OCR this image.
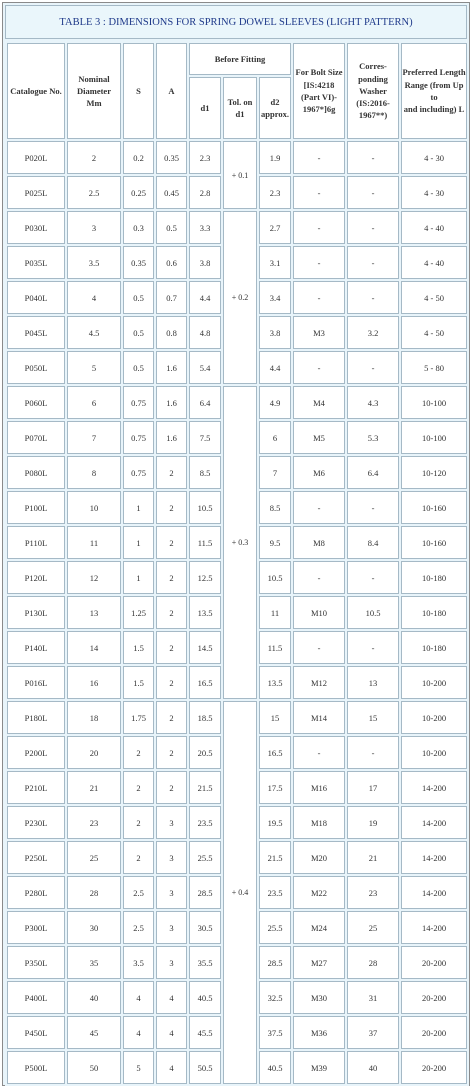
TABLE 3 : DIMENSIONS FOR SPRING DOWEL SLEEVES (LIGHT PATTERN)
Catalogue No.	Nominal
Diameter
Mm	S	A	Before Fitting			For Bolt Size
[IS:4218
(Part VI)-
1967*]6g	Corres-
ponding
Washer
(IS:2016-
1967**)	Preferred Length
Range (from Up to
and including) L
				d1	Tol. on
d1	d2
approx.			
P020L	2	0.2	0.35	2.3	+ 0.1	1.9	-	-	4 - 30
P025L	2.5	0.25	0.45	2.8		2.3	-	-	4 - 30
P030L	3	0.3	0.5	3.3	+ 0.2	2.7	-	-	4 - 40
P035L	3.5	0.35	0.6	3.8		3.1	-	-	4 - 40
P040L	4	0.5	0.7	4.4		3.4	-	-	4 - 50
P045L	4.5	0.5	0.8	4.8		3.8	M3	3.2	4 - 50
P050L	5	0.5	1.6	5.4		4.4	-	-	5 - 80
P060L	6	0.75	1.6	6.4	+ 0.3	4.9	M4	4.3	10-100
P070L	7	0.75	1.6	7.5		6	M5	5.3	10-100
P080L	8	0.75	2	8.5		7	M6	6.4	10-120
P100L	10	1	2	10.5		8.5	-	-	10-160
P110L	11	1	2	11.5		9.5	M8	8.4	10-160
P120L	12	1	2	12.5		10.5	-	-	10-180
P130L	13	1.25	2	13.5		11	M10	10.5	10-180
P140L	14	1.5	2	14.5		11.5	-	-	10-180
P016L	16	1.5	2	16.5		13.5	M12	13	10-200
P180L	18	1.75	2	18.5	+ 0.4	15	M14	15	10-200
P200L	20	2	2	20.5		16.5	-	-	10-200
P210L	21	2	2	21.5		17.5	M16	17	14-200
P230L	23	2	3	23.5		19.5	M18	19	14-200
P250L	25	2	3	25.5		21.5	M20	21	14-200
P280L	28	2.5	3	28.5		23.5	M22	23	14-200
P300L	30	2.5	3	30.5		25.5	M24	25	14-200
P350L	35	3.5	3	35.5		28.5	M27	28	20-200
P400L	40	4	4	40.5		32.5	M30	31	20-200
P450L	45	4	4	45.5		37.5	M36	37	20-200
P500L	50	5	4	50.5		40.5	M39	40	20-200
